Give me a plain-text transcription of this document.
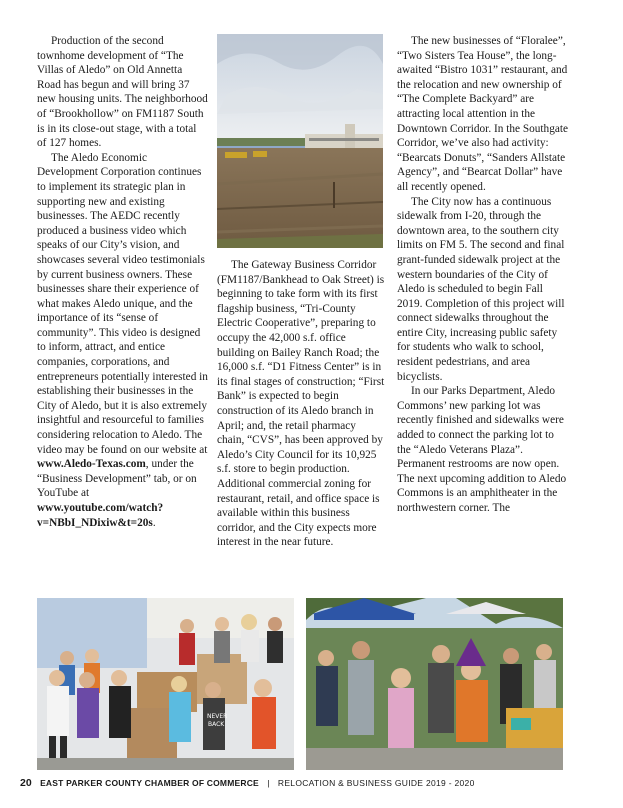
Production of the second townhome development of “The Villas of Aledo” on Old Annetta Road has begun and will bring 37 new housing units. The neighborhood of “Brookhollow” on FM1187 South is in its close-out stage, with a total of 127 homes.

The Aledo Economic Development Corporation continues to implement its strategic plan in supporting new and existing businesses. The AEDC recently produced a business video which speaks of our City’s vision, and showcases several video testimonials by current business owners. These businesses share their experience of what makes Aledo unique, and the importance of its “sense of community”. This video is designed to inform, attract, and entice companies, corporations, and entrepreneurs potentially interested in establishing their businesses in the City of Aledo, but it is also extremely insightful and resourceful to families considering relocation to Aledo. The video may be found on our website at www.Aledo-Texas.com, under the “Business Development” tab, or on YouTube at www.youtube.com/watch?v=NBbI_NDixiw&t=20s.

The Gateway Business Corridor (FM1187/Bankhead to Oak Street) is beginning to take form with its first flagship business, “Tri-County Electric Cooperative”, preparing to occupy the 42,000 s.f. office building on Bailey Ranch Road; the 16,000 s.f. “D1 Fitness Center” is in its final stages of construction; “First Bank” is expected to begin construction of its Aledo branch in April; and, the retail pharmacy chain, “CVS”, has been approved by Aledo’s City Council for its 10,925 s.f. store to begin production. Additional commercial zoning for restaurant, retail, and office space is available within this business corridor, and the City expects more interest in the near future.

The new businesses of “Floralee”, “Two Sisters Tea House”, the long-awaited “Bistro 1031” restaurant, and the relocation and new ownership of “The Complete Backyard” are attracting local attention in the Downtown Corridor. In the Southgate Corridor, we’ve also had activity: “Bearcats Donuts”, “Sanders Allstate Agency”, and “Bearcat Dollar” have all recently opened.

The City now has a continuous sidewalk from I-20, through the downtown area, to the southern city limits on FM 5. The second and final grant-funded sidewalk project at the western boundaries of the City of Aledo is scheduled to begin Fall 2019. Completion of this project will connect sidewalks throughout the entire City, increasing public safety for students who walk to school, resident pedestrians, and area bicyclists.

In our Parks Department, Aledo Commons’ new parking lot was recently finished and sidewalks were added to connect the parking lot to the “Aledo Veterans Plaza”. Permanent restrooms are now open. The next upcoming addition to Aledo Commons is an amphitheater in the northwestern corner. The

NEVER
BACK
20 EAST PARKER COUNTY CHAMBER OF COMMERCE | RELOCATION & BUSINESS GUIDE 2019 - 2020
